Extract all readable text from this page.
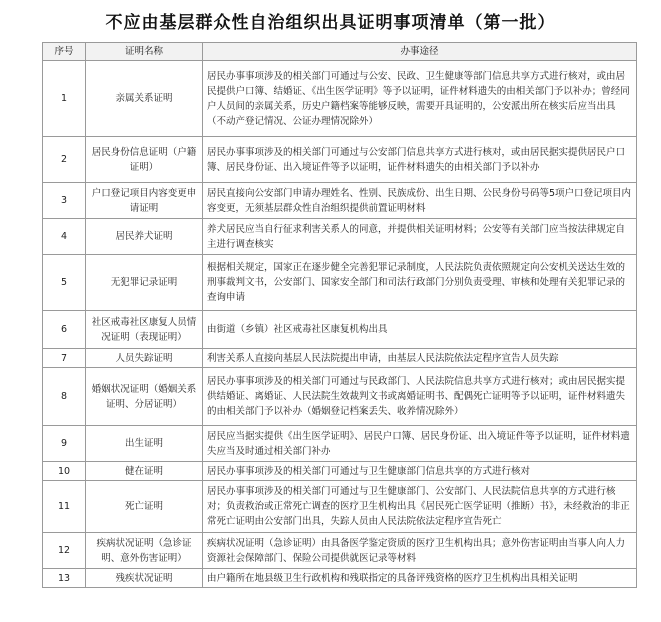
不应由基层群众性自治组织出具证明事项清单（第一批）
序号	证明名称	办事途径
1	亲属关系证明	居民办事事项涉及的相关部门可通过与公安、民政、卫生健康等部门信息共享方式进行核对，或由居民提供户口簿、结婚证、《出生医学证明》等予以证明，证件材料遗失的由相关部门予以补办；曾经同户人员间的亲属关系，历史户籍档案等能够反映，需要开具证明的，公安派出所在核实后应当出具（不动产登记情况、公证办理情况除外）
2	居民身份信息证明（户籍证明）	居民办事事项涉及的相关部门可通过与公安部门信息共享方式进行核对，或由居民据实提供居民户口簿、居民身份证、出入境证件等予以证明，证件材料遗失的由相关部门予以补办
3	户口登记项目内容变更申请证明	居民直接向公安部门申请办理姓名、性别、民族成份、出生日期、公民身份号码等5项户口登记项目内容变更，无须基层群众性自治组织提供前置证明材料
4	居民养犬证明	养犬居民应当自行征求利害关系人的同意，并提供相关证明材料；公安等有关部门应当按法律规定自主进行调查核实
5	无犯罪记录证明	根据相关规定，国家正在逐步健全完善犯罪记录制度，人民法院负责依照规定向公安机关送达生效的刑事裁判文书，公安部门、国家安全部门和司法行政部门分别负责受理、审核和处理有关犯罪记录的查询申请
6	社区戒毒社区康复人员情况证明（表现证明）	由街道（乡镇）社区戒毒社区康复机构出具
7	人员失踪证明	利害关系人直接向基层人民法院提出申请，由基层人民法院依法定程序宣告人员失踪
8	婚姻状况证明（婚姻关系证明、分居证明）	居民办事事项涉及的相关部门可通过与民政部门、人民法院信息共享方式进行核对；或由居民据实提供结婚证、离婚证、人民法院生效裁判文书或离婚证明书、配偶死亡证明等予以证明，证件材料遗失的由相关部门予以补办（婚姻登记档案丢失、收养情况除外）
9	出生证明	居民应当据实提供《出生医学证明》、居民户口簿、居民身份证、出入境证件等予以证明，证件材料遗失应当及时通过相关部门补办
10	健在证明	居民办事事项涉及的相关部门可通过与卫生健康部门信息共享的方式进行核对
11	死亡证明	居民办事事项涉及的相关部门可通过与卫生健康部门、公安部门、人民法院信息共享的方式进行核对；负责救治或正常死亡调查的医疗卫生机构出具《居民死亡医学证明（推断）书》，未经救治的非正常死亡证明由公安部门出具，失踪人员由人民法院依法定程序宣告死亡
12	疾病状况证明（急诊证明、意外伤害证明）	疾病状况证明（急诊证明）由具备医学鉴定资质的医疗卫生机构出具；意外伤害证明由当事人向人力资源社会保障部门、保险公司提供就医记录等材料
13	残疾状况证明	由户籍所在地县级卫生行政机构和残联指定的具备评残资格的医疗卫生机构出具相关证明
